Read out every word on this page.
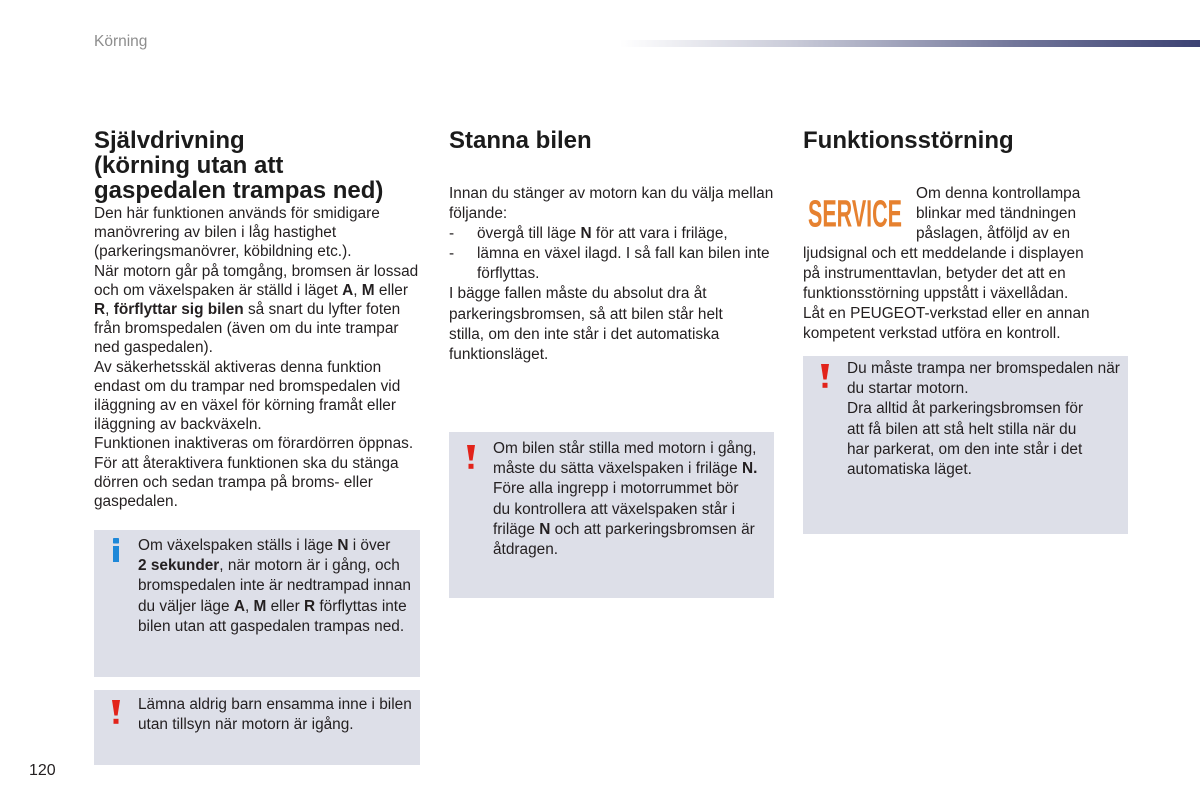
Körning
Självdrivning
(körning utan att
gaspedalen trampas ned)
Den här funktionen används för smidigare
manövrering av bilen i låg hastighet
(parkeringsmanövrer, köbildning etc.).
När motorn går på tomgång, bromsen är lossad
och om växelspaken är ställd i läget A, M eller
R, förflyttar sig bilen så snart du lyfter foten
från bromspedalen (även om du inte trampar
ned gaspedalen).
Av säkerhetsskäl aktiveras denna funktion
endast om du trampar ned bromspedalen vid
iläggning av en växel för körning framåt eller
iläggning av backväxeln.
Funktionen inaktiveras om förardörren öppnas.
För att återaktivera funktionen ska du stänga
dörren och sedan trampa på broms- eller
gaspedalen.
Om växelspaken ställs i läge N i över
2 sekunder, när motorn är i gång, och
bromspedalen inte är nedtrampad innan
du väljer läge A, M eller R förflyttas inte
bilen utan att gaspedalen trampas ned.
Lämna aldrig barn ensamma inne i bilen
utan tillsyn när motorn är igång.
Stanna bilen
Innan du stänger av motorn kan du välja mellan
följande:
-	övergå till läge N för att vara i friläge,
-	lämna en växel ilagd. I så fall kan bilen inte
förflyttas.
I bägge fallen måste du absolut dra åt
parkeringsbromsen, så att bilen står helt
stilla, om den inte står i det automatiska
funktionsläget.
Om bilen står stilla med motorn i gång,
måste du sätta växelspaken i friläge N.
Före alla ingrepp i motorrummet bör
du kontrollera att växelspaken står i
friläge N och att parkeringsbromsen är
åtdragen.
Funktionsstörning
SERVICE Om denna kontrollampa
blinkar med tändningen
påslagen, åtföljd av en
ljudsignal och ett meddelande i displayen
på instrumenttavlan, betyder det att en
funktionsstörning uppstått i växellådan.
Låt en PEUGEOT-verkstad eller en annan
kompetent verkstad utföra en kontroll.
Du måste trampa ner bromspedalen när
du startar motorn.
Dra alltid åt parkeringsbromsen för
att få bilen att stå helt stilla när du
har parkerat, om den inte står i det
automatiska läget.
120
